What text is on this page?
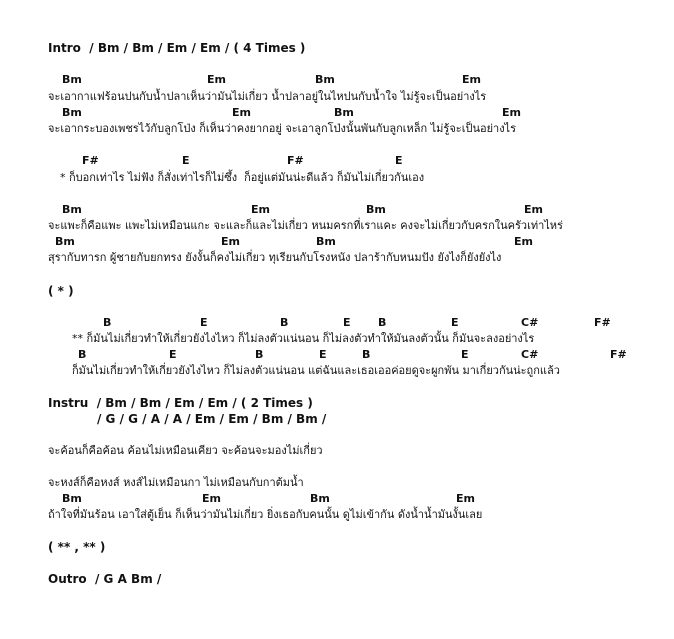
Intro  / Bm / Bm / Em / Em / ( 4 Times )

Bm

	Em

	Bm

	Em

จะเอากาแฟร้อนปนกับน้ำปลาเห็นว่ามันไม่เกี่ยว น้ำปลาอยู่ในไหปนกับน้ำใจ ไม่รู้จะเป็นอย่างไร

Bm

	Em

	Bm

	Em

จะเอากระบองเพชรไว้กับลูกโป่ง ก็เห็นว่าคงยากอยู่ จะเอาลูกโป่งนั้นพันกับลูกเหล็ก ไม่รู้จะเป็นอย่างไร

F#

	E

	F#

	E

* ก็บอกเท่าไร ไม่ฟัง ก็สั่งเท่าไรก็ไม่ซึ้ง  ก็อยู่แต่มันน่ะดีแล้ว ก็มันไม่เกี่ยวกันเอง

Bm

	Em

	Bm

	Em

จะแพะก็คือแพะ แพะไม่เหมือนแกะ จะและก็และไม่เกี่ยว หนมครกที่เราแคะ คงจะไม่เกี่ยวกับครกในครัวเท่าไหร่

Bm

	Em

	Bm

	Em

สุรากับทารก ผู้ชายกับยกทรง ยังงั้นก็คงไม่เกี่ยว ทุเรียนกับโรงหนัง ปลาร้ากับหนมปัง ยังไงก็ยังยังไง
( * )

B

	E

	B

	E

B

	E

	C#

	F#

** ก็มันไม่เกี่ยวทำให้เกี่ยวยังไงไหว ก็ไม่ลงตัวแน่นอน ก็ไม่ลงตัวทำให้มันลงตัวนั้น ก็มันจะลงอย่างไร

B

	E

	B

	E

	B

	E

	C#

	F#

ก็มันไม่เกี่ยวทำให้เกี่ยวยังไงไหว ก็ไม่ลงตัวแน่นอน แต่ฉันและเธอเออค่อยดูจะผูกพัน มาเกี่ยวกันน่ะถูกแล้ว
Instru  / Bm / Bm / Em / Em / ( 2 Times )
/ G / G / A / A / Em / Em / Bm / Bm /
จะค้อนก็คือค้อน ค้อนไม่เหมือนเคียว จะค้อนจะมองไม่เกี่ยว
จะหงส์ก็คือหงส์ หงส์ไม่เหมือนกา ไม่เหมือนกับกาต้มน้ำ

Bm

	Em

	Bm

	Em

ถ้าใจที่มันร้อน เอาใส่ตู้เย็น ก็เห็นว่ามันไม่เกี่ยว ยิ่งเธอกับคนนั้น ดูไม่เข้ากัน ดังน้ำน้ำมันงั้นเลย
( ** , ** )
Outro  / G A Bm /
